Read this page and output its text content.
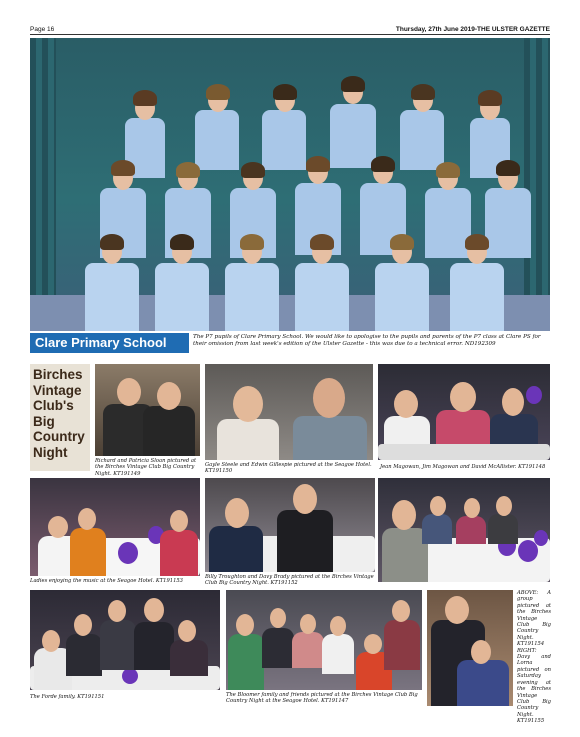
Page 16	Thursday, 27th June 2019-THE ULSTER GAZETTE
Clare Primary School	The P7 pupils of Clare Primary School. We would like to apologise to the pupils and parents of the P7 class at Clare PS for their omission from last week's edition of the Ulster Gazette - this was due to a technical error. ND192309
Birches Vintage Club's Big Country Night
Richard and Patricia Sloan pictured at the Birches Vintage Club Big Country Night. KT191149
Gayle Steele and Edwin Gillespie pictured at the Seagoe Hotel. KT191150
Jean Magowan, Jim Magowan and David McAllister. KT191148
Ladies enjoying the music at the Seagoe Hotel. KT191153
Billy Troughton and Davy Brady pictured at the Birches Vintage Club Big Country Night. KT191152
The Forde family. KT191151	The Bloomer family and friends pictured at the Birches Vintage Club Big Country Night at the Seagoe Hotel. KT191147
ABOVE: A group pictured at the Birches Vintage Club Big Country Night. KT191154 RIGHT: Davy and Lorna pictured on Saturday evening at the Birches Vintage Club Big Country Night. KT191155
